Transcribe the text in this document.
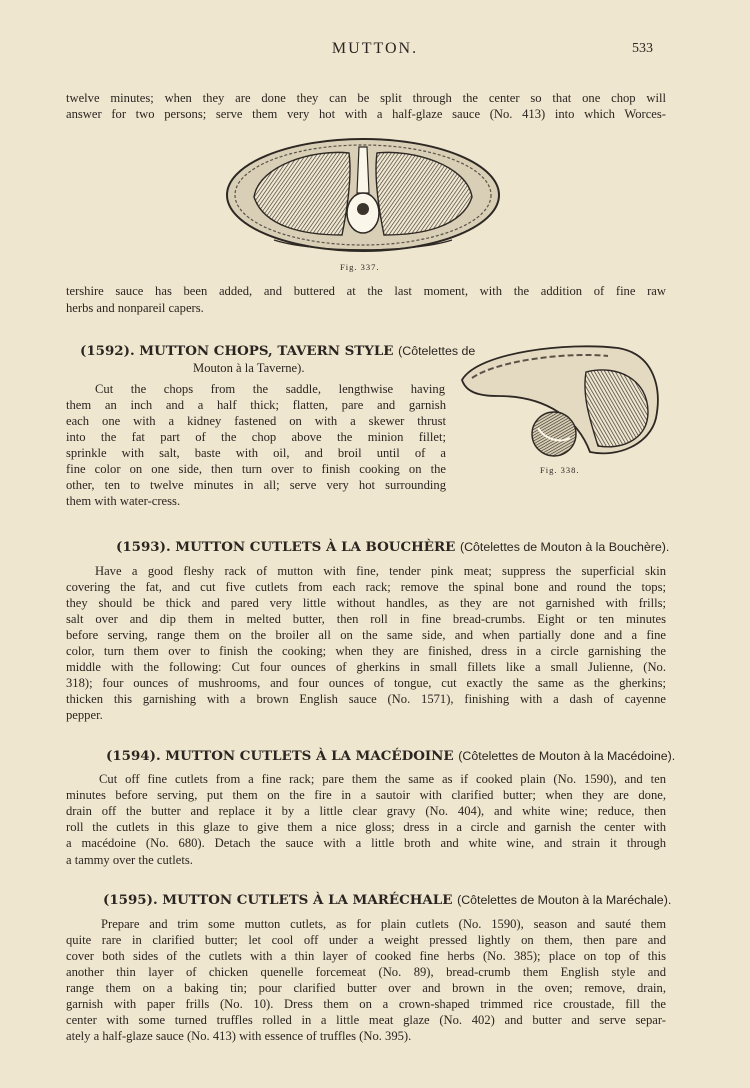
MUTTON.	533
twelve minutes; when they are done they can be split through the center so that one chop will
answer for two persons; serve them very hot with a half-glaze sauce (No. 413) into which Worces-
Fig. 337.
tershire sauce has been added, and buttered at the last moment, with the addition of fine raw
herbs and nonpareil capers.
(1592). MUTTON CHOPS, TAVERN STYLE (Côtelettes de
Mouton à la Taverne).
Cut the chops from the saddle, lengthwise having
them an inch and a half thick; flatten, pare and garnish
each one with a kidney fastened on with a skewer thrust
into the fat part of the chop above the minion fillet;
sprinkle with salt, baste with oil, and broil until of a
fine color on one side, then turn over to finish cooking on the
other, ten to twelve minutes in all; serve very hot surrounding
them with water-cress.
Fig. 338.
(1593). MUTTON CUTLETS À LA BOUCHÈRE (Côtelettes de Mouton à la Bouchère).
Have a good fleshy rack of mutton with fine, tender pink meat; suppress the superficial skin
covering the fat, and cut five cutlets from each rack; remove the spinal bone and round the tops;
they should be thick and pared very little without handles, as they are not garnished with frills;
salt over and dip them in melted butter, then roll in fine bread-crumbs. Eight or ten minutes
before serving, range them on the broiler all on the same side, and when partially done and a fine
color, turn them over to finish the cooking; when they are finished, dress in a circle garnishing the
middle with the following: Cut four ounces of gherkins in small fillets like a small Julienne, (No.
318); four ounces of mushrooms, and four ounces of tongue, cut exactly the same as the gherkins;
thicken this garnishing with a brown English sauce (No. 1571), finishing with a dash of cayenne
pepper.
(1594). MUTTON CUTLETS À LA MACÉDOINE (Côtelettes de Mouton à la Macédoine).
Cut off fine cutlets from a fine rack; pare them the same as if cooked plain (No. 1590), and ten
minutes before serving, put them on the fire in a sautoir with clarified butter; when they are done,
drain off the butter and replace it by a little clear gravy (No. 404), and white wine; reduce, then
roll the cutlets in this glaze to give them a nice gloss; dress in a circle and garnish the center with
a macédoine (No. 680). Detach the sauce with a little broth and white wine, and strain it through
a tammy over the cutlets.
(1595). MUTTON CUTLETS À LA MARÉCHALE (Côtelettes de Mouton à la Maréchale).
Prepare and trim some mutton cutlets, as for plain cutlets (No. 1590), season and sauté them
quite rare in clarified butter; let cool off under a weight pressed lightly on them, then pare and
cover both sides of the cutlets with a thin layer of cooked fine herbs (No. 385); place on top of this
another thin layer of chicken quenelle forcemeat (No. 89), bread-crumb them English style and
range them on a baking tin; pour clarified butter over and brown in the oven; remove, drain,
garnish with paper frills (No. 10). Dress them on a crown-shaped trimmed rice croustade, fill the
center with some turned truffles rolled in a little meat glaze (No. 402) and butter and serve separ-
ately a half-glaze sauce (No. 413) with essence of truffles (No. 395).
